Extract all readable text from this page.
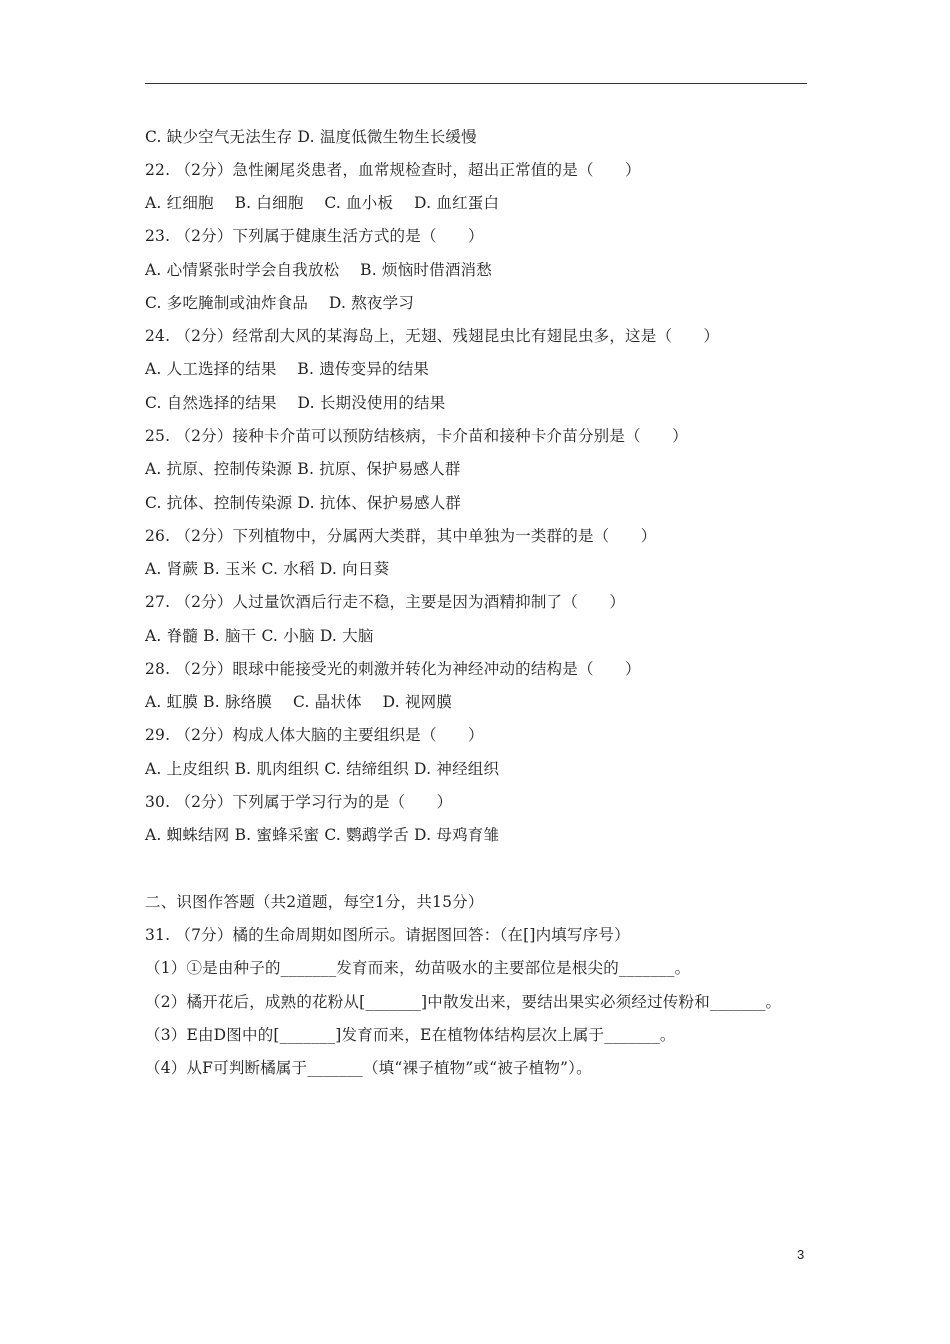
C. 缺少空气无法生存 D. 温度低微生物生长缓慢
22. （2分）急性阑尾炎患者，血常规检查时，超出正常值的是（　　）
A. 红细胞　 B. 白细胞　 C. 血小板　 D. 血红蛋白
23. （2分）下列属于健康生活方式的是（　　）
A. 心情紧张时学会自我放松　 B. 烦恼时借酒消愁
C. 多吃腌制或油炸食品　 D. 熬夜学习
24. （2分）经常刮大风的某海岛上，无翅、残翅昆虫比有翅昆虫多，这是（　　）
A. 人工选择的结果　 B. 遗传变异的结果
C. 自然选择的结果　 D. 长期没使用的结果
25. （2分）接种卡介苗可以预防结核病，卡介苗和接种卡介苗分别是（　　）
A. 抗原、控制传染源 B. 抗原、保护易感人群
C. 抗体、控制传染源 D. 抗体、保护易感人群
26. （2分）下列植物中，分属两大类群，其中单独为一类群的是（　　）
A. 肾蕨 B. 玉米 C. 水稻 D. 向日葵
27. （2分）人过量饮酒后行走不稳，主要是因为酒精抑制了（　　）
A. 脊髓 B. 脑干 C. 小脑 D. 大脑
28. （2分）眼球中能接受光的刺激并转化为神经冲动的结构是（　　）
A. 虹膜 B. 脉络膜　 C. 晶状体　 D. 视网膜
29. （2分）构成人体大脑的主要组织是（　　）
A. 上皮组织 B. 肌肉组织 C. 结缔组织 D. 神经组织
30. （2分）下列属于学习行为的是（　　）
A. 蜘蛛结网 B. 蜜蜂采蜜 C. 鹦鹉学舌 D. 母鸡育雏
二、识图作答题（共2道题，每空1分，共15分）
31. （7分）橘的生命周期如图所示。请据图回答：（在[]内填写序号）
（1）①是由种子的_______发育而来，幼苗吸水的主要部位是根尖的_______。
（2）橘开花后，成熟的花粉从[_______]中散发出来，要结出果实必须经过传粉和_______。
（3）E由D图中的[_______]发育而来，E在植物体结构层次上属于_______。
（4）从F可判断橘属于_______（填“裸子植物”或“被子植物”）。
3
